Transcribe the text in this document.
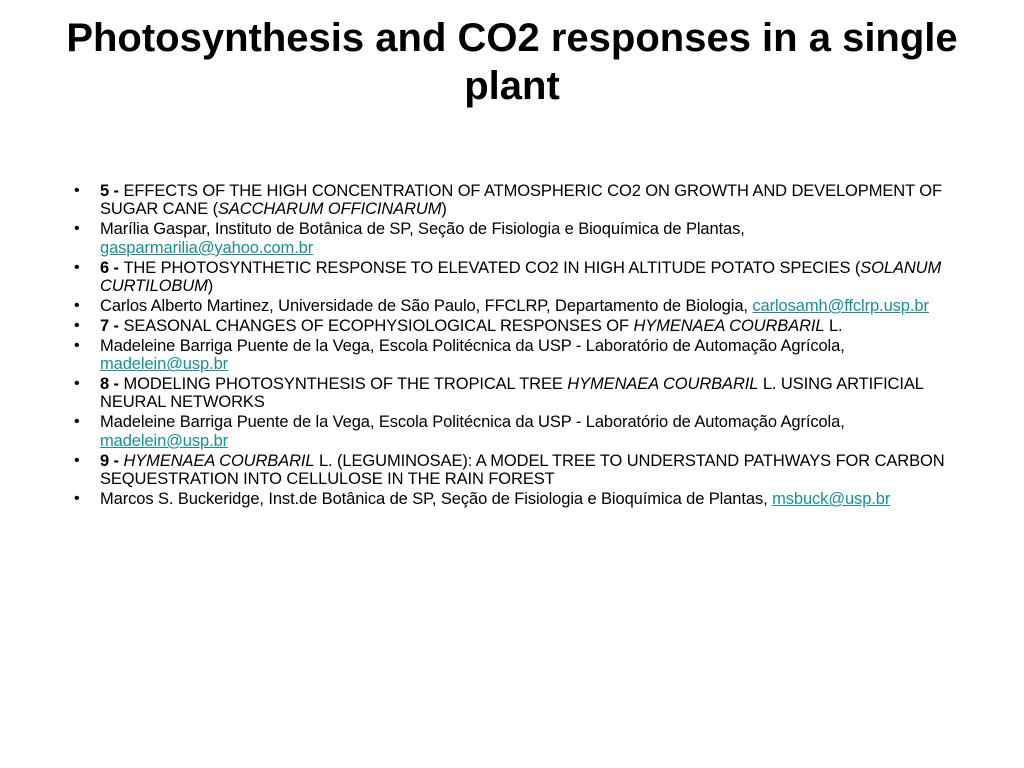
Photosynthesis and CO2 responses in a single plant
• 5 - EFFECTS OF THE HIGH CONCENTRATION OF ATMOSPHERIC CO2 ON GROWTH AND DEVELOPMENT OF SUGAR CANE (SACCHARUM OFFICINARUM)
• Marília Gaspar, Instituto de Botânica de SP, Seção de Fisiologia e Bioquímica de Plantas, gasparmarilia@yahoo.com.br
• 6 - THE PHOTOSYNTHETIC RESPONSE TO ELEVATED CO2 IN HIGH ALTITUDE POTATO SPECIES (SOLANUM CURTILOBUM)
• Carlos Alberto Martinez, Universidade de São Paulo, FFCLRP, Departamento de Biologia, carlosamh@ffclrp.usp.br
• 7 - SEASONAL CHANGES OF ECOPHYSIOLOGICAL RESPONSES OF HYMENAEA COURBARIL L.
• Madeleine Barriga Puente de la Vega, Escola Politécnica da USP - Laboratório de Automação Agrícola, madelein@usp.br
• 8 - MODELING PHOTOSYNTHESIS OF THE TROPICAL TREE HYMENAEA COURBARIL L. USING ARTIFICIAL NEURAL NETWORKS
• Madeleine Barriga Puente de la Vega, Escola Politécnica da USP - Laboratório de Automação Agrícola, madelein@usp.br
• 9 - HYMENAEA COURBARIL L. (LEGUMINOSAE): A MODEL TREE TO UNDERSTAND PATHWAYS FOR CARBON SEQUESTRATION INTO CELLULOSE IN THE RAIN FOREST
• Marcos S. Buckeridge, Inst.de Botânica de SP, Seção de Fisiologia e Bioquímica de Plantas, msbuck@usp.br
